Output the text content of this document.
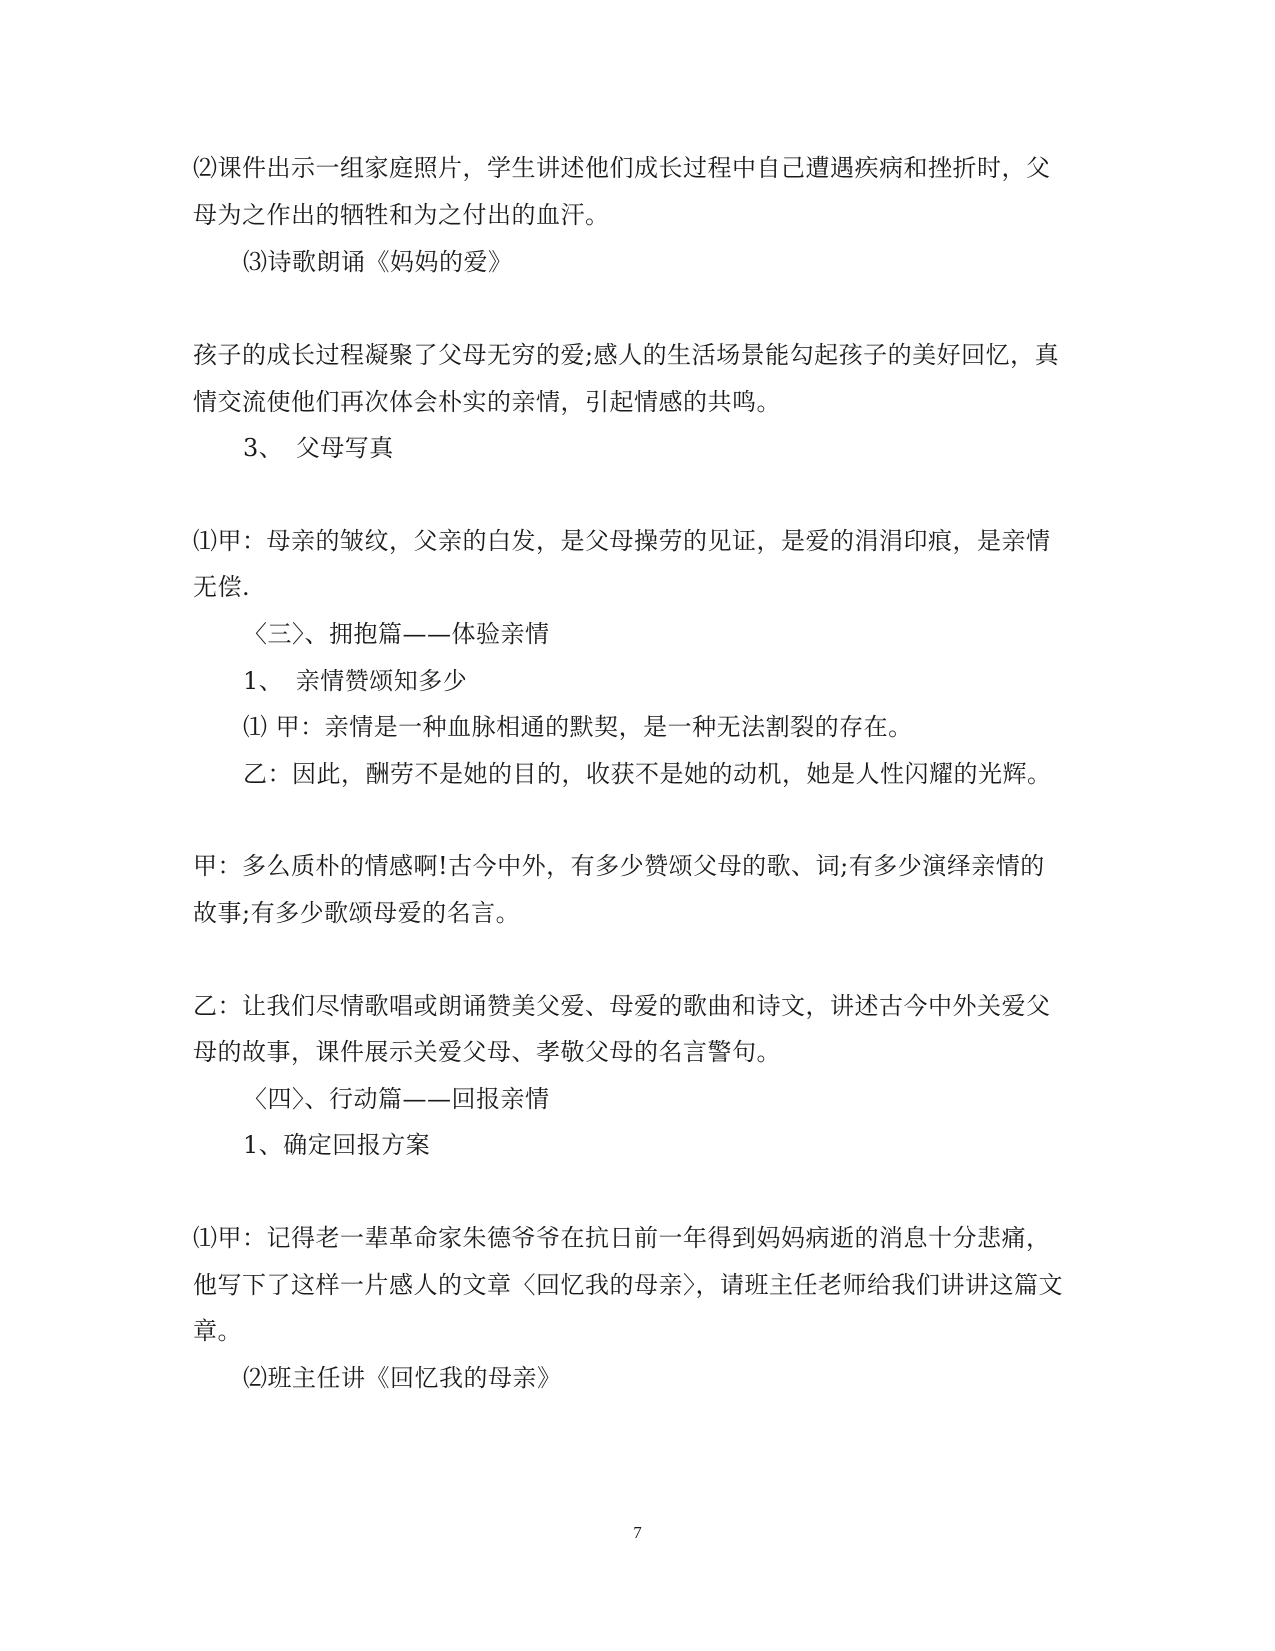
⑵课件出示一组家庭照片，学生讲述他们成长过程中自己遭遇疾病和挫折时，父
母为之作出的牺牲和为之付出的血汗。
⑶诗歌朗诵《妈妈的爱》
孩子的成长过程凝聚了父母无穷的爱;感人的生活场景能勾起孩子的美好回忆，真
情交流使他们再次体会朴实的亲情，引起情感的共鸣。
3、　父母写真
⑴甲：母亲的皱纹，父亲的白发，是父母操劳的见证，是爱的涓涓印痕，是亲情
无偿.
〈三〉、拥抱篇——体验亲情
1、　亲情赞颂知多少
⑴ 甲：亲情是一种血脉相通的默契，是一种无法割裂的存在。
乙：因此，酬劳不是她的目的，收获不是她的动机，她是人性闪耀的光辉。
甲：多么质朴的情感啊!古今中外，有多少赞颂父母的歌、词;有多少演绎亲情的
故事;有多少歌颂母爱的名言。
乙：让我们尽情歌唱或朗诵赞美父爱、母爱的歌曲和诗文，讲述古今中外关爱父
母的故事，课件展示关爱父母、孝敬父母的名言警句。
〈四〉、行动篇——回报亲情
1、确定回报方案
⑴甲：记得老一辈革命家朱德爷爷在抗日前一年得到妈妈病逝的消息十分悲痛，
他写下了这样一片感人的文章〈回忆我的母亲〉，请班主任老师给我们讲讲这篇文
章。
⑵班主任讲《回忆我的母亲》
7
